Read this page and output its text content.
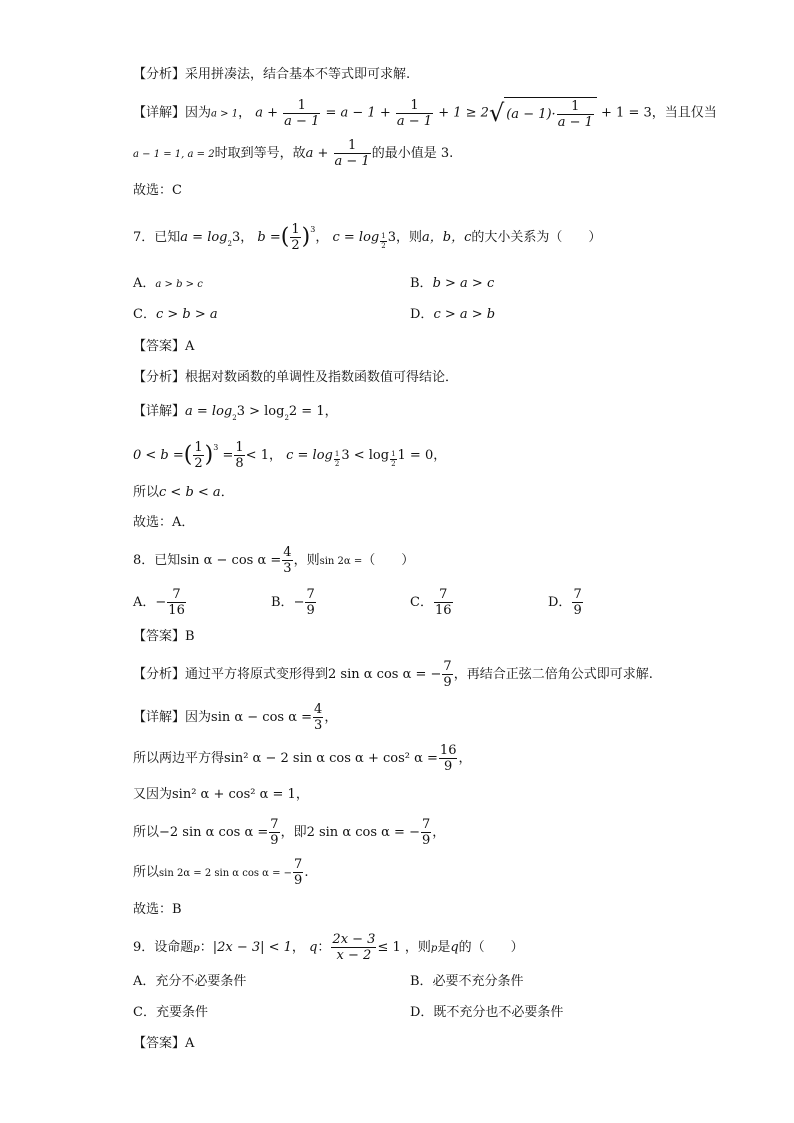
【分析】采用拼凑法，结合基本不等式即可求解.
【详解】因为a > 1， $a + \frac{1}{a - 1} = a - 1 + \frac{1}{a - 1} + 1 \ge 2√$ $(a - 1)\cdot \frac{1}{a - 1} + 1 = 3$，当且仅当
a − 1 = 1, a = 2时取到等号，故$a + \frac{1}{a - 1}$ 的最小值是 3.
故选：C
7．已知$a = \log_23$， b =( $\frac{1}{2} )^3$， $c = \log \frac{1}{2} 3$，则a，b，c的大小关系为（　　）
A．a > b > c	B．b > a > c
C．c > b > a	D．c > a > b
【答案】A
【分析】根据对数函数的单调性及指数函数值可得结论．
【详解】$a = \log_23 > \log_22 = 1$，
0 < b =( $\frac{1}{2} )^3 = \frac{1}{8} < 1$， $c = \log \frac{1}{2} 3 < \log \frac{1}{2} 1 = 0$，
所以c < b < a．
故选：A．
8．已知$\sin \alpha - \cos \alpha = \frac{4}{3}$ ，则sin 2α =（　　）
A．− $\frac{7}{16}$	B．− $\frac{7}{9}$	C． $\frac{7}{16}$	D． $\frac{7}{9}$
【答案】B
【分析】通过平方将原式变形得到2 sin α cos α = − $\frac{7}{9}$ ，再结合正弦二倍角公式即可求解.
【详解】因为$\sin \alpha - \cos \alpha = \frac{4}{3}$ ，
所以两边平方得sin² α − 2 sin α cos α + cos² $\alpha = \frac{16}{9}$ ，
又因为sin² α + cos² α = 1，
所以−2 sin α $\cos \alpha = \frac{7}{9}$ ，即2 sin α cos α = − $\frac{7}{9}$ ，
所以sin 2α = 2 sin α cos α = − $\frac{7}{9}$ .
故选：B
9．设命题p：|2x − 3| < 1， q： $\frac{2x - 3}{x - 2} \le 1$ ，则p是q的（　　）
A．充分不必要条件	B．必要不充分条件
C．充要条件	D．既不充分也不必要条件
【答案】A
